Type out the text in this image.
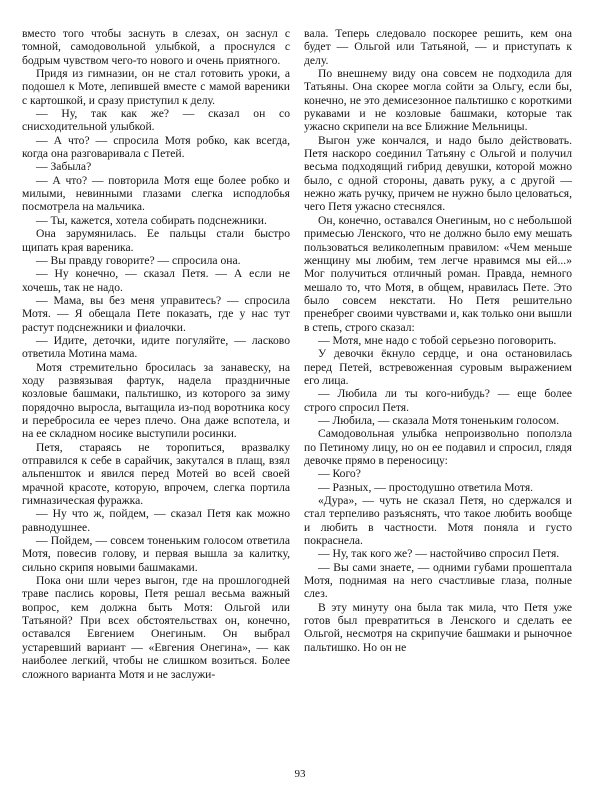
вместо того чтобы заснуть в слезах, он заснул с томной, самодовольной улыбкой, а проснулся с бодрым чувством чего-то нового и очень приятного.

Придя из гимназии, он не стал готовить уроки, а подошел к Моте, лепившей вместе с мамой вареники с картошкой, и сразу приступил к делу.

— Ну, так как же? — сказал он со снисходительной улыбкой.

— А что? — спросила Мотя робко, как всегда, когда она разговаривала с Петей.

— Забыла?

— А что? — повторила Мотя еще более робко и милыми, невинными глазами слегка исподлобья посмотрела на мальчика.

— Ты, кажется, хотела собирать подснежники.

Она зарумянилась. Ее пальцы стали быстро щипать края вареника.

— Вы правду говорите? — спросила она.

— Ну конечно, — сказал Петя. — А если не хочешь, так не надо.

— Мама, вы без меня управитесь? — спросила Мотя. — Я обещала Пете показать, где у нас тут растут подснежники и фиалочки.

— Идите, деточки, идите погуляйте, — ласково ответила Мотина мама.

Мотя стремительно бросилась за занавеску, на ходу развязывая фартук, надела праздничные козловые башмаки, пальтишко, из которого за зиму порядочно выросла, вытащила из-под воротника косу и перебросила ее через плечо. Она даже вспотела, и на ее складном носике выступили росинки.

Петя, стараясь не торопиться, вразвалку отправился к себе в сарайчик, закутался в плащ, взял альпеншток и явился перед Мотей во всей своей мрачной красоте, которую, впрочем, слегка портила гимназическая фуражка.

— Ну что ж, пойдем, — сказал Петя как можно равнодушнее.

— Пойдем, — совсем тоненьким голосом ответила Мотя, повесив голову, и первая вышла за калитку, сильно скрипя новыми башмаками.

Пока они шли через выгон, где на прошлогодней траве паслись коровы, Петя решал весьма важный вопрос, кем должна быть Мотя: Ольгой или Татьяной? При всех обстоятельствах он, конечно, оставался Евгением Онегиным. Он выбрал устаревший вариант — «Евгения Онегина», — как наиболее легкий, чтобы не слишком возиться. Более сложного варианта Мотя и не заслужи-

вала. Теперь следовало поскорее решить, кем она будет — Ольгой или Татьяной, — и приступать к делу.

По внешнему виду она совсем не подходила для Татьяны. Она скорее могла сойти за Ольгу, если бы, конечно, не это демисезонное пальтишко с короткими рукавами и не козловые башмаки, которые так ужасно скрипели на все Ближние Мельницы.

Выгон уже кончался, и надо было действовать. Петя наскоро соединил Татьяну с Ольгой и получил весьма подходящий гибрид девушки, которой можно было, с одной стороны, давать руку, а с другой — нежно жать ручку, причем не нужно было целоваться, чего Петя ужасно стеснялся.

Он, конечно, оставался Онегиным, но с небольшой примесью Ленского, что не должно было ему мешать пользоваться великолепным правилом: «Чем меньше женщину мы любим, тем легче нравимся мы ей...» Мог получиться отличный роман. Правда, немного мешало то, что Мотя, в общем, нравилась Пете. Это было совсем некстати. Но Петя решительно пренебрег своими чувствами и, как только они вышли в степь, строго сказал:

— Мотя, мне надо с тобой серьезно поговорить.

У девочки ёкнуло сердце, и она остановилась перед Петей, встревоженная суровым выражением его лица.

— Любила ли ты кого-нибудь? — еще более строго спросил Петя.

— Любила, — сказала Мотя тоненьким голосом.

Самодовольная улыбка непроизвольно поползла по Петиному лицу, но он ее подавил и спросил, глядя девочке прямо в переносицу:

— Кого?

— Разных, — простодушно ответила Мотя.

«Дура», — чуть не сказал Петя, но сдержался и стал терпеливо разъяснять, что такое любить вообще и любить в частности. Мотя поняла и густо покраснела.

— Ну, так кого же? — настойчиво спросил Петя.

— Вы сами знаете, — одними губами прошептала Мотя, поднимая на него счастливые глаза, полные слез.

В эту минуту она была так мила, что Петя уже готов был превратиться в Ленского и сделать ее Ольгой, несмотря на скрипучие башмаки и рыночное пальтишко. Но он не

93
